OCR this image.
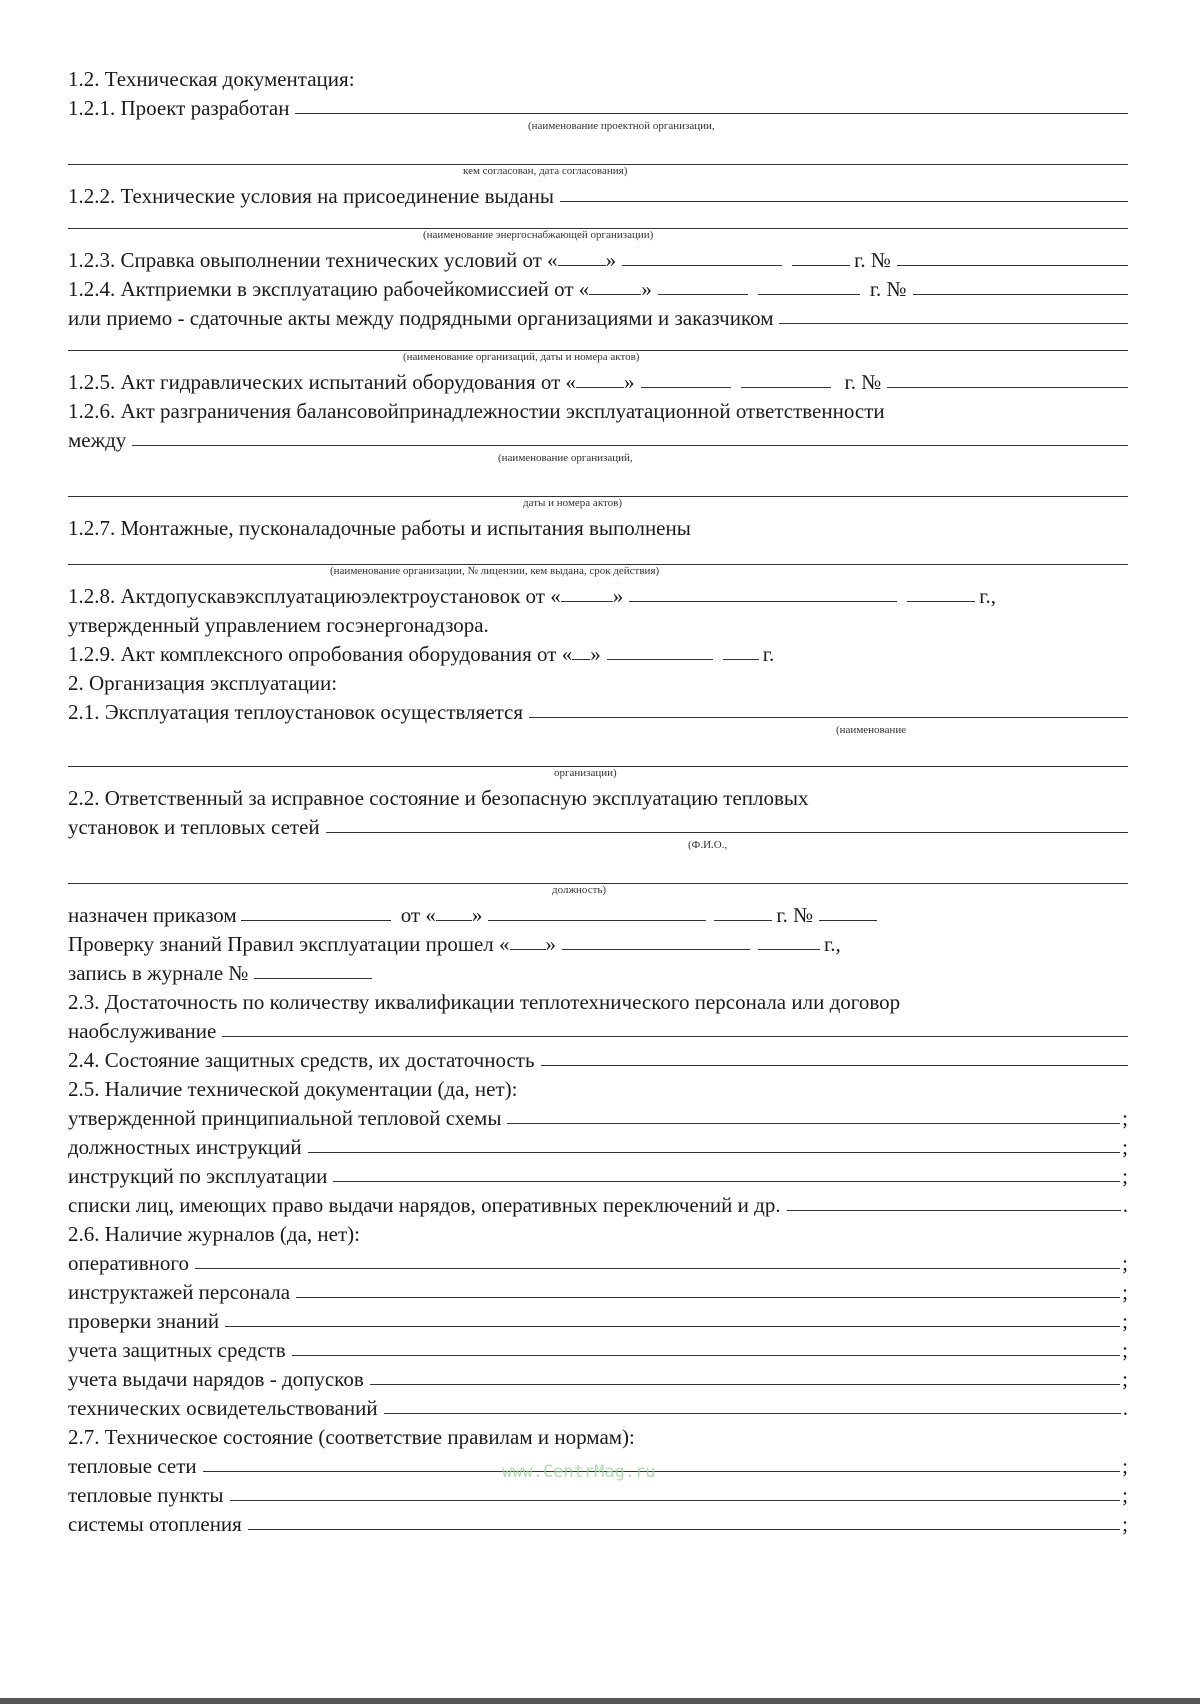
1.2. Техническая документация:
1.2.1. Проект разработан
(наименование проектной организации,
кем согласован, дата согласования)
1.2.2. Технические условия на присоединение выданы
(наименование энергоснабжающей организации)
1.2.3. Справка овыполнении технических условий от « »	г. №
1.2.4. Актприемки в эксплуатацию рабочейкомиссией от « »	г. №
или приемо - сдаточные акты между подрядными организациями и заказчиком
(наименование организаций, даты и номера актов)
1.2.5. Акт гидравлических испытаний оборудования от « »	г. №
1.2.6. Акт разграничения балансовойпринадлежностии эксплуатационной ответственности
между
(наименование организаций,
даты и номера актов)
1.2.7. Монтажные, пусконаладочные работы и испытания выполнены
(наименование организации, № лицензии, кем выдана, срок действия)
1.2.8. Актдопускавэксплуатациюэлектроустановок от « »	г.,
утвержденный управлением госэнергонадзора.
1.2.9. Акт комплексного опробования оборудования от « »	г.
2. Организация эксплуатации:
2.1. Эксплуатация теплоустановок осуществляется
(наименование
организации)
2.2. Ответственный за исправное состояние и безопасную эксплуатацию тепловых
установок и тепловых сетей
(Ф.И.О.,
должность)
назначен приказом	от « »	г. №
Проверку знаний Правил эксплуатации прошел « »	г.,
запись в журнале №
2.3. Достаточность по количеству иквалификации теплотехнического персонала или договор
наобслуживание
2.4. Состояние защитных средств, их достаточность
2.5. Наличие технической документации (да, нет):
утвержденной принципиальной тепловой схемы	;
должностных инструкций	;
инструкций по эксплуатации	;
списки лиц, имеющих право выдачи нарядов, оперативных переключений и др.	.
2.6. Наличие журналов (да, нет):
оперативного	;
инструктажей персонала	;
проверки знаний	;
учета защитных средств	;
учета выдачи нарядов - допусков	;
технических освидетельствований	.
2.7. Техническое состояние (соответствие правилам и нормам):
тепловые сети	;
тепловые пункты	;
системы отопления	;
www.CentrMag.ru
